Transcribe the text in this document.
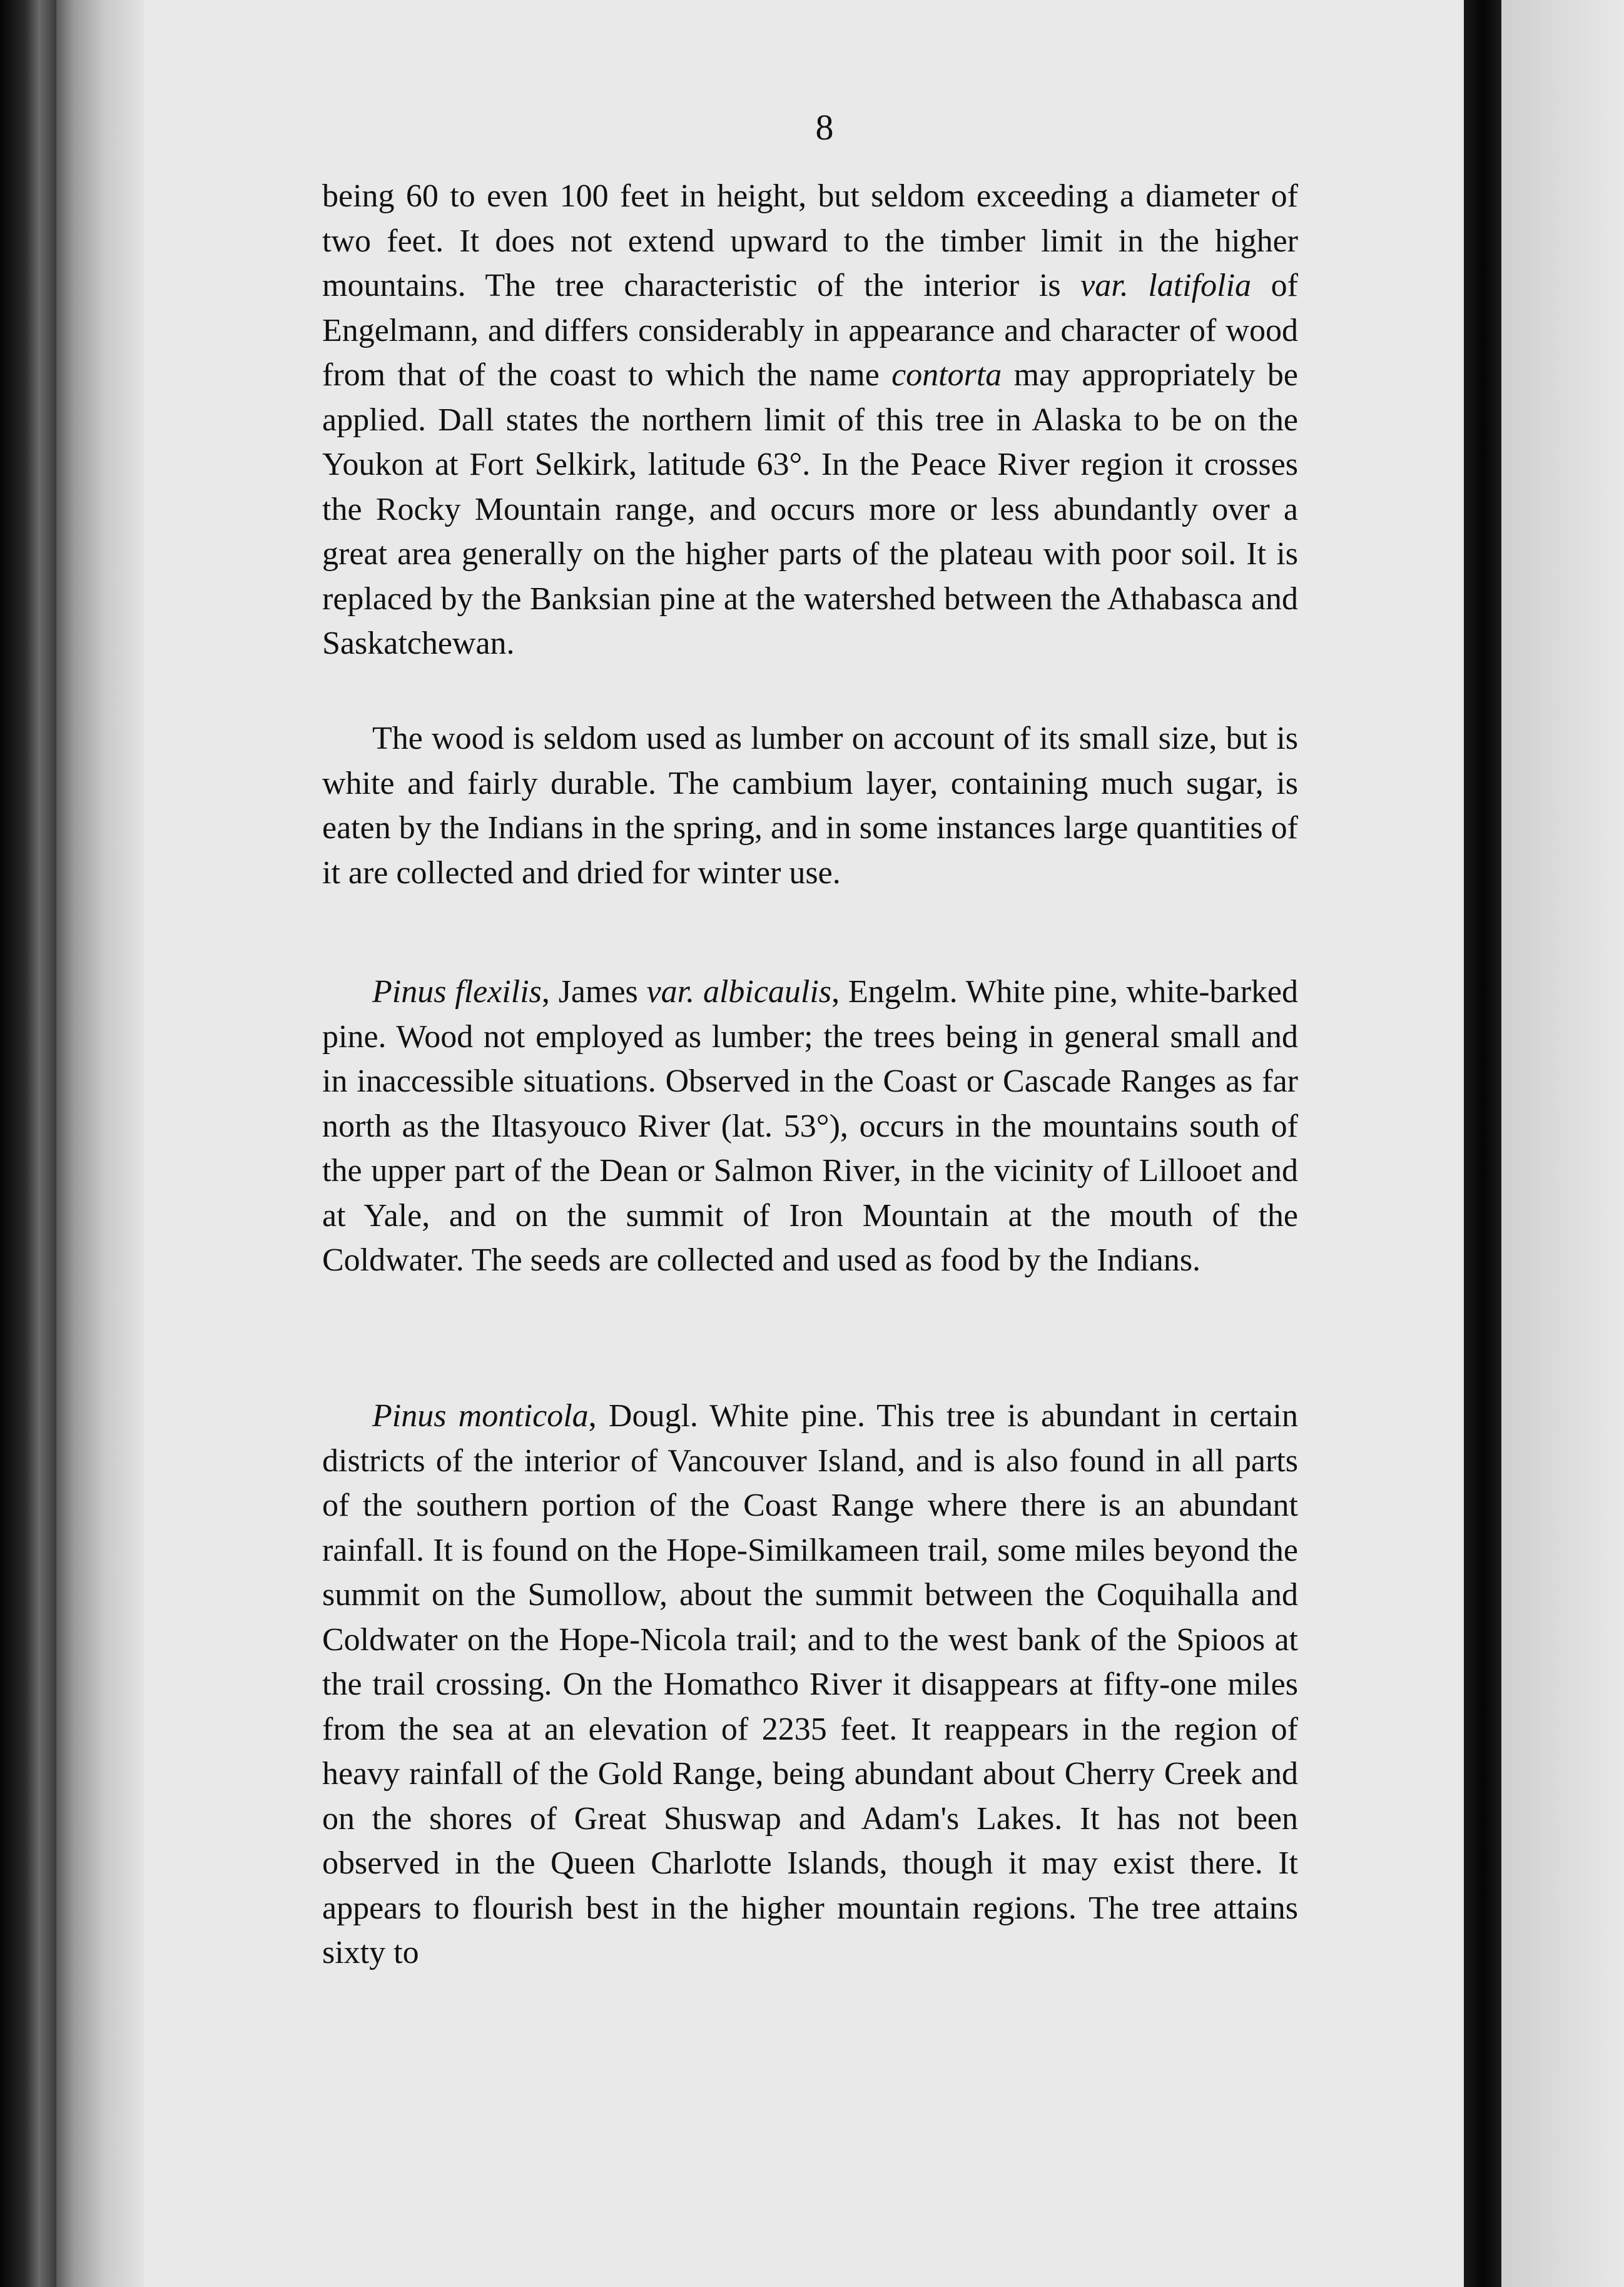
8

being 60 to even 100 feet in height, but seldom exceeding a diameter of two feet. It does not extend upward to the timber limit in the higher mountains. The tree characteristic of the interior is var. latifolia of Engelmann, and differs considerably in appearance and character of wood from that of the coast to which the name contorta may appropriately be applied. Dall states the northern limit of this tree in Alaska to be on the Youkon at Fort Selkirk, latitude 63°. In the Peace River region it crosses the Rocky Mountain range, and occurs more or less abundantly over a great area generally on the higher parts of the plateau with poor soil. It is replaced by the Banksian pine at the watershed between the Athabasca and Saskatchewan.

The wood is seldom used as lumber on account of its small size, but is white and fairly durable. The cambium layer, containing much sugar, is eaten by the Indians in the spring, and in some instances large quantities of it are collected and dried for winter use.

Pinus flexilis, James var. albicaulis, Engelm. White pine, white-barked pine. Wood not employed as lumber; the trees being in general small and in inaccessible situations. Observed in the Coast or Cascade Ranges as far north as the Iltasyouco River (lat. 53°), occurs in the mountains south of the upper part of the Dean or Salmon River, in the vicinity of Lillooet and at Yale, and on the summit of Iron Mountain at the mouth of the Coldwater. The seeds are collected and used as food by the Indians.

Pinus monticola, Dougl. White pine. This tree is abundant in certain districts of the interior of Vancouver Island, and is also found in all parts of the southern portion of the Coast Range where there is an abundant rainfall. It is found on the Hope-Similkameen trail, some miles beyond the summit on the Sumollow, about the summit between the Coquihalla and Coldwater on the Hope-Nicola trail; and to the west bank of the Spioos at the trail crossing. On the Homathco River it disappears at fifty-one miles from the sea at an elevation of 2235 feet. It reappears in the region of heavy rainfall of the Gold Range, being abundant about Cherry Creek and on the shores of Great Shuswap and Adam's Lakes. It has not been observed in the Queen Charlotte Islands, though it may exist there. It appears to flourish best in the higher mountain regions. The tree attains sixty to
